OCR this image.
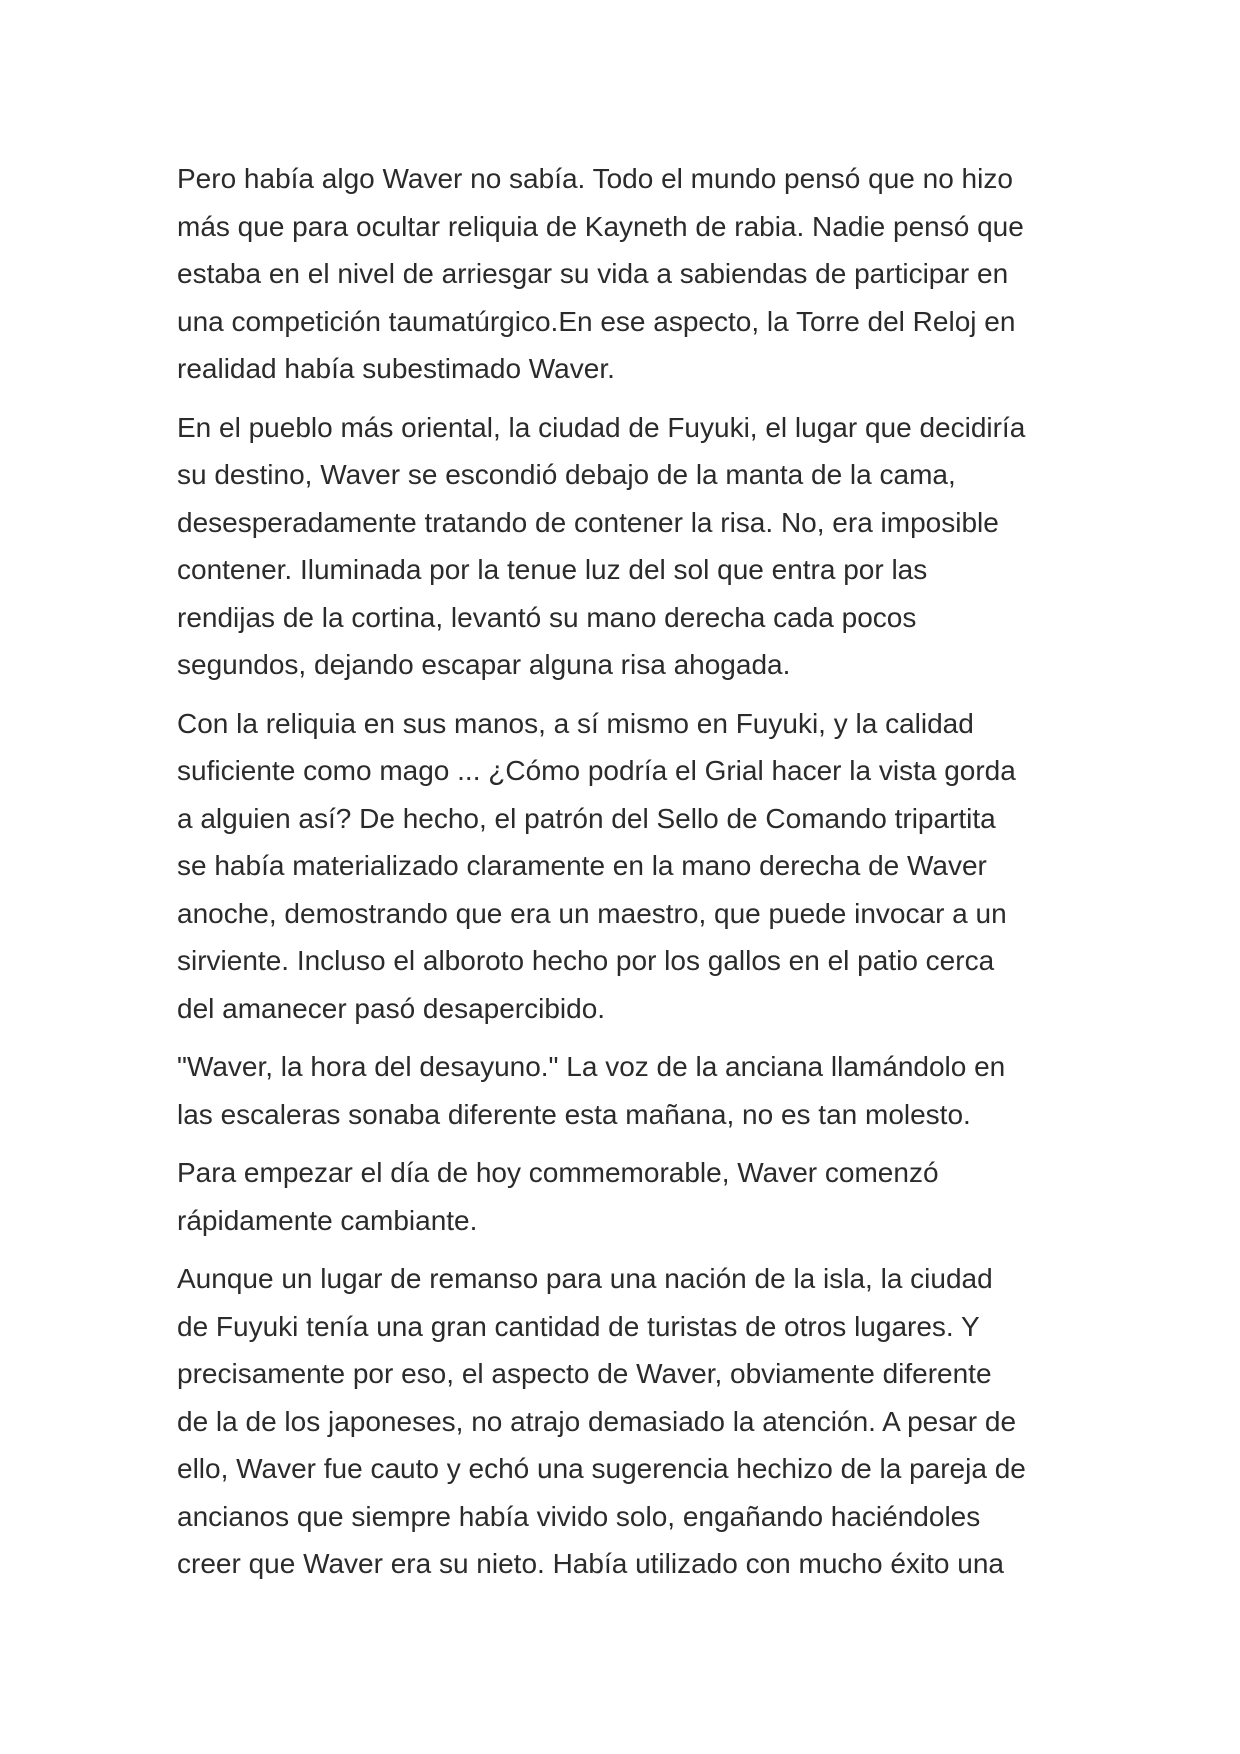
Pero había algo Waver no sabía. Todo el mundo pensó que no hizo
más que para ocultar reliquia de Kayneth de rabia. Nadie pensó que
estaba en el nivel de arriesgar su vida a sabiendas de participar en
una competición taumatúrgico.En ese aspecto, la Torre del Reloj en
realidad había subestimado Waver.

En el pueblo más oriental, la ciudad de Fuyuki, el lugar que decidiría
su destino, Waver se escondió debajo de la manta de la cama,
desesperadamente tratando de contener la risa. No, era imposible
contener. Iluminada por la tenue luz del sol que entra por las
rendijas de la cortina, levantó su mano derecha cada pocos
segundos, dejando escapar alguna risa ahogada.

Con la reliquia en sus manos, a sí mismo en Fuyuki, y la calidad
suficiente como mago ... ¿Cómo podría el Grial hacer la vista gorda
a alguien así? De hecho, el patrón del Sello de Comando tripartita
se había materializado claramente en la mano derecha de Waver
anoche, demostrando que era un maestro, que puede invocar a un
sirviente. Incluso el alboroto hecho por los gallos en el patio cerca
del amanecer pasó desapercibido.

"Waver, la hora del desayuno." La voz de la anciana llamándolo en
las escaleras sonaba diferente esta mañana, no es tan molesto.

Para empezar el día de hoy commemorable, Waver comenzó
rápidamente cambiante.

Aunque un lugar de remanso para una nación de la isla, la ciudad
de Fuyuki tenía una gran cantidad de turistas de otros lugares. Y
precisamente por eso, el aspecto de Waver, obviamente diferente
de la de los japoneses, no atrajo demasiado la atención. A pesar de
ello, Waver fue cauto y echó una sugerencia hechizo de la pareja de
ancianos que siempre había vivido solo, engañando haciéndoles
creer que Waver era su nieto. Había utilizado con mucho éxito una
